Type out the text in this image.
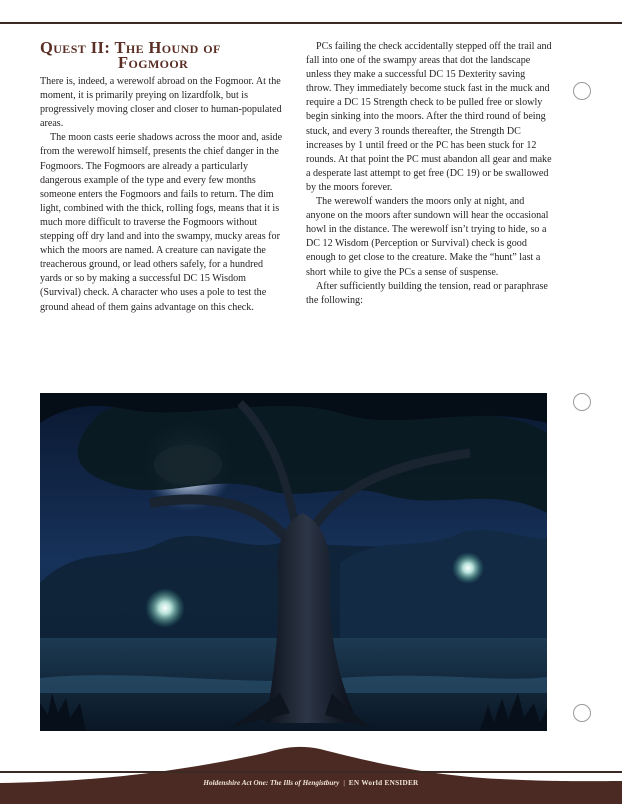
Quest II: The Hound of
Fogmoor

There is, indeed, a werewolf abroad on the Fogmoor. At the moment, it is primarily preying on lizardfolk, but is progressively moving closer and closer to human-populated areas.

The moon casts eerie shadows across the moor and, aside from the werewolf himself, presents the chief danger in the Fogmoors. The Fogmoors are already a particularly dangerous example of the type and every few months someone enters the Fogmoors and fails to return. The dim light, combined with the thick, rolling fogs, means that it is much more difficult to traverse the Fogmoors without stepping off dry land and into the swampy, mucky areas for which the moors are named. A creature can navigate the treacherous ground, or lead others safely, for a hundred yards or so by making a successful DC 15 Wisdom (Survival) check. A character who uses a pole to test the ground ahead of them gains advantage on this check.

PCs failing the check accidentally stepped off the trail and fall into one of the swampy areas that dot the landscape unless they make a successful DC 15 Dexterity saving throw. They immediately become stuck fast in the muck and require a DC 15 Strength check to be pulled free or slowly begin sinking into the moors. After the third round of being stuck, and every 3 rounds thereafter, the Strength DC increases by 1 until freed or the PC has been stuck for 12 rounds. At that point the PC must abandon all gear and make a desperate last attempt to get free (DC 19) or be swallowed by the moors forever.

The werewolf wanders the moors only at night, and anyone on the moors after sundown will hear the occasional howl in the distance. The werewolf isn’t trying to hide, so a DC 12 Wisdom (Perception or Survival) check is good enough to get close to the creature. Make the “hunt” last a short while to give the PCs a sense of suspense.

After sufficiently building the tension, read or paraphrase the following:

Holdenshire Act One: The Ills of Hengistbury | EN World ENSIDER
